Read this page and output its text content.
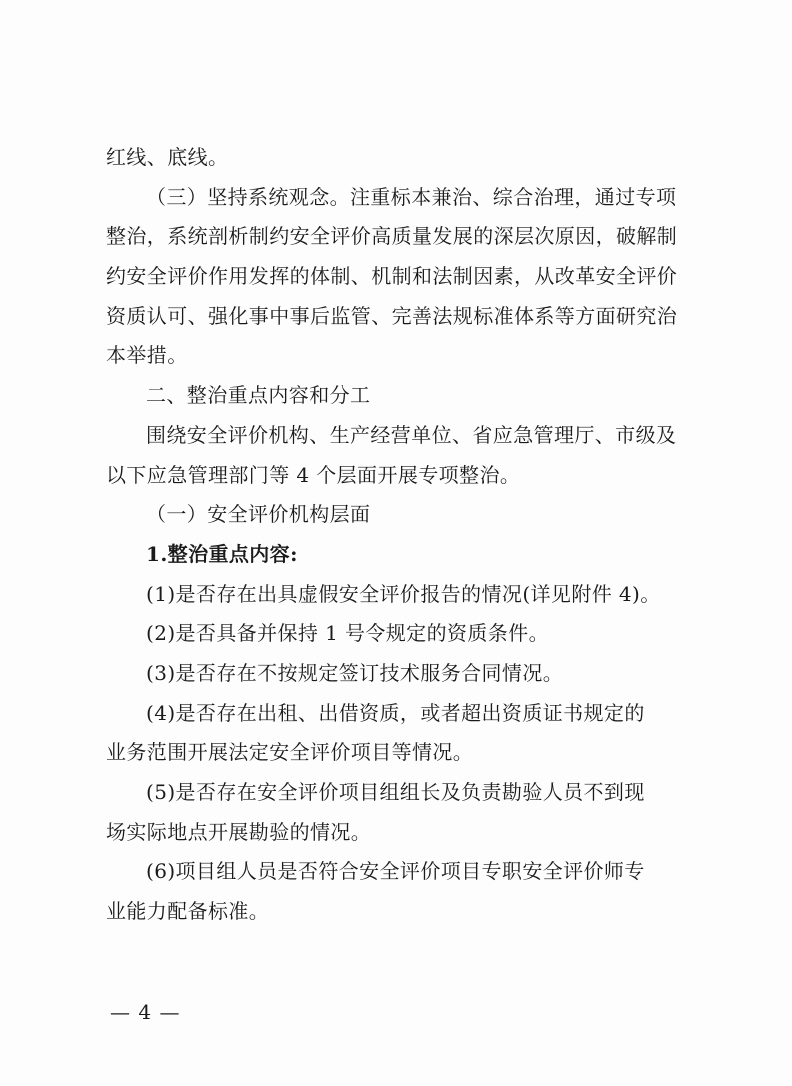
红线、底线。
（三）坚持系统观念。注重标本兼治、综合治理，通过专项
整治，系统剖析制约安全评价高质量发展的深层次原因，破解制
约安全评价作用发挥的体制、机制和法制因素，从改革安全评价
资质认可、强化事中事后监管、完善法规标准体系等方面研究治
本举措。
二、整治重点内容和分工
围绕安全评价机构、生产经营单位、省应急管理厅、市级及
以下应急管理部门等 4 个层面开展专项整治。
（一）安全评价机构层面
1.整治重点内容:
(1)是否存在出具虚假安全评价报告的情况(详见附件 4)。
(2)是否具备并保持 1 号令规定的资质条件。
(3)是否存在不按规定签订技术服务合同情况。
(4)是否存在出租、出借资质，或者超出资质证书规定的
业务范围开展法定安全评价项目等情况。
(5)是否存在安全评价项目组组长及负责勘验人员不到现
场实际地点开展勘验的情况。
(6)项目组人员是否符合安全评价项目专职安全评价师专
业能力配备标准。
— 4 —
